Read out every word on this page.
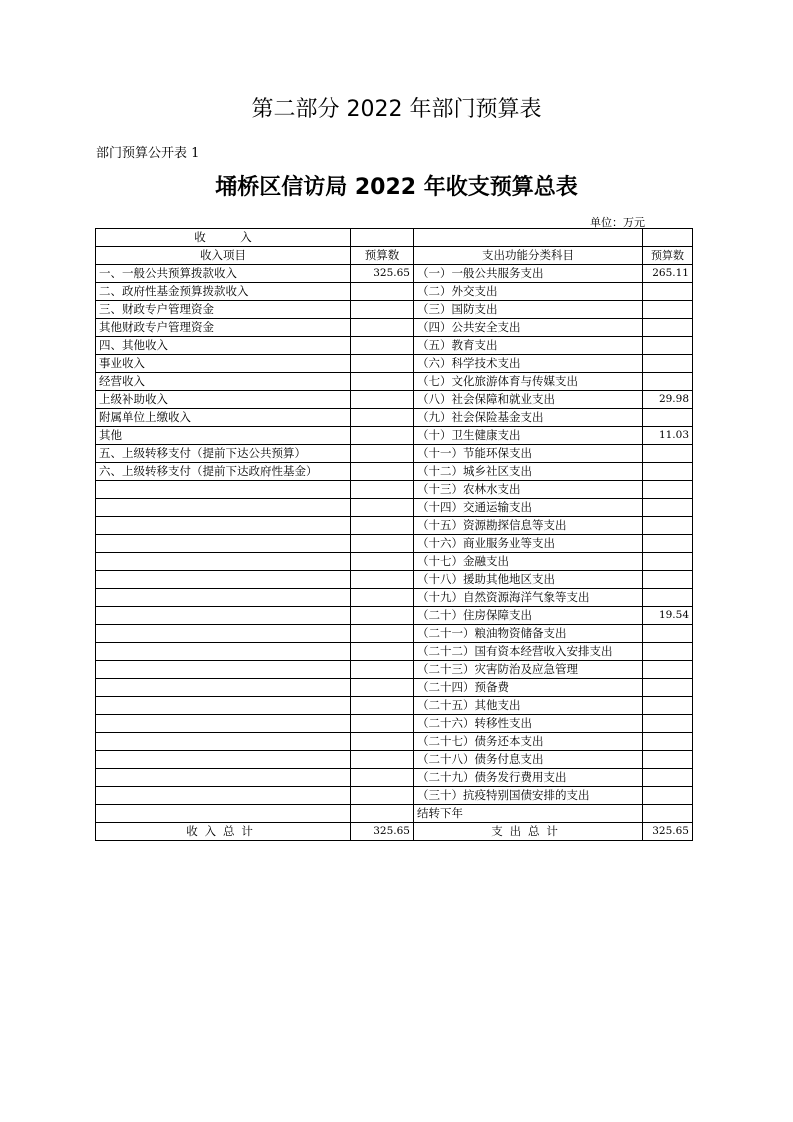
第二部分 2022 年部门预算表
部门预算公开表 1
埇桥区信访局 2022 年收支预算总表
单位：万元
收　　　入			
收入项目	预算数	支出功能分类科目	预算数
一、一般公共预算拨款收入	325.65	（一）一般公共服务支出	265.11
二、政府性基金预算拨款收入		（二）外交支出	
三、财政专户管理资金		（三）国防支出	
其他财政专户管理资金		（四）公共安全支出	
四、其他收入		（五）教育支出	
事业收入		（六）科学技术支出	
经营收入		（七）文化旅游体育与传媒支出	
上级补助收入		（八）社会保障和就业支出	29.98
附属单位上缴收入		（九）社会保险基金支出	
其他		（十）卫生健康支出	11.03
五、上级转移支付（提前下达公共预算）		（十一）节能环保支出	
六、上级转移支付（提前下达政府性基金）		（十二）城乡社区支出	
		（十三）农林水支出	
		（十四）交通运输支出	
		（十五）资源勘探信息等支出	
		（十六）商业服务业等支出	
		（十七）金融支出	
		（十八）援助其他地区支出	
		（十九）自然资源海洋气象等支出	
		（二十）住房保障支出	19.54
		（二十一）粮油物资储备支出	
		（二十二）国有资本经营收入安排支出	
		（二十三）灾害防治及应急管理	
		（二十四）预备费	
		（二十五）其他支出	
		（二十六）转移性支出	
		（二十七）债务还本支出	
		（二十八）债务付息支出	
		（二十九）债务发行费用支出	
		（三十）抗疫特别国债安排的支出	
		结转下年	
收入总计	325.65	支出总计	325.65
